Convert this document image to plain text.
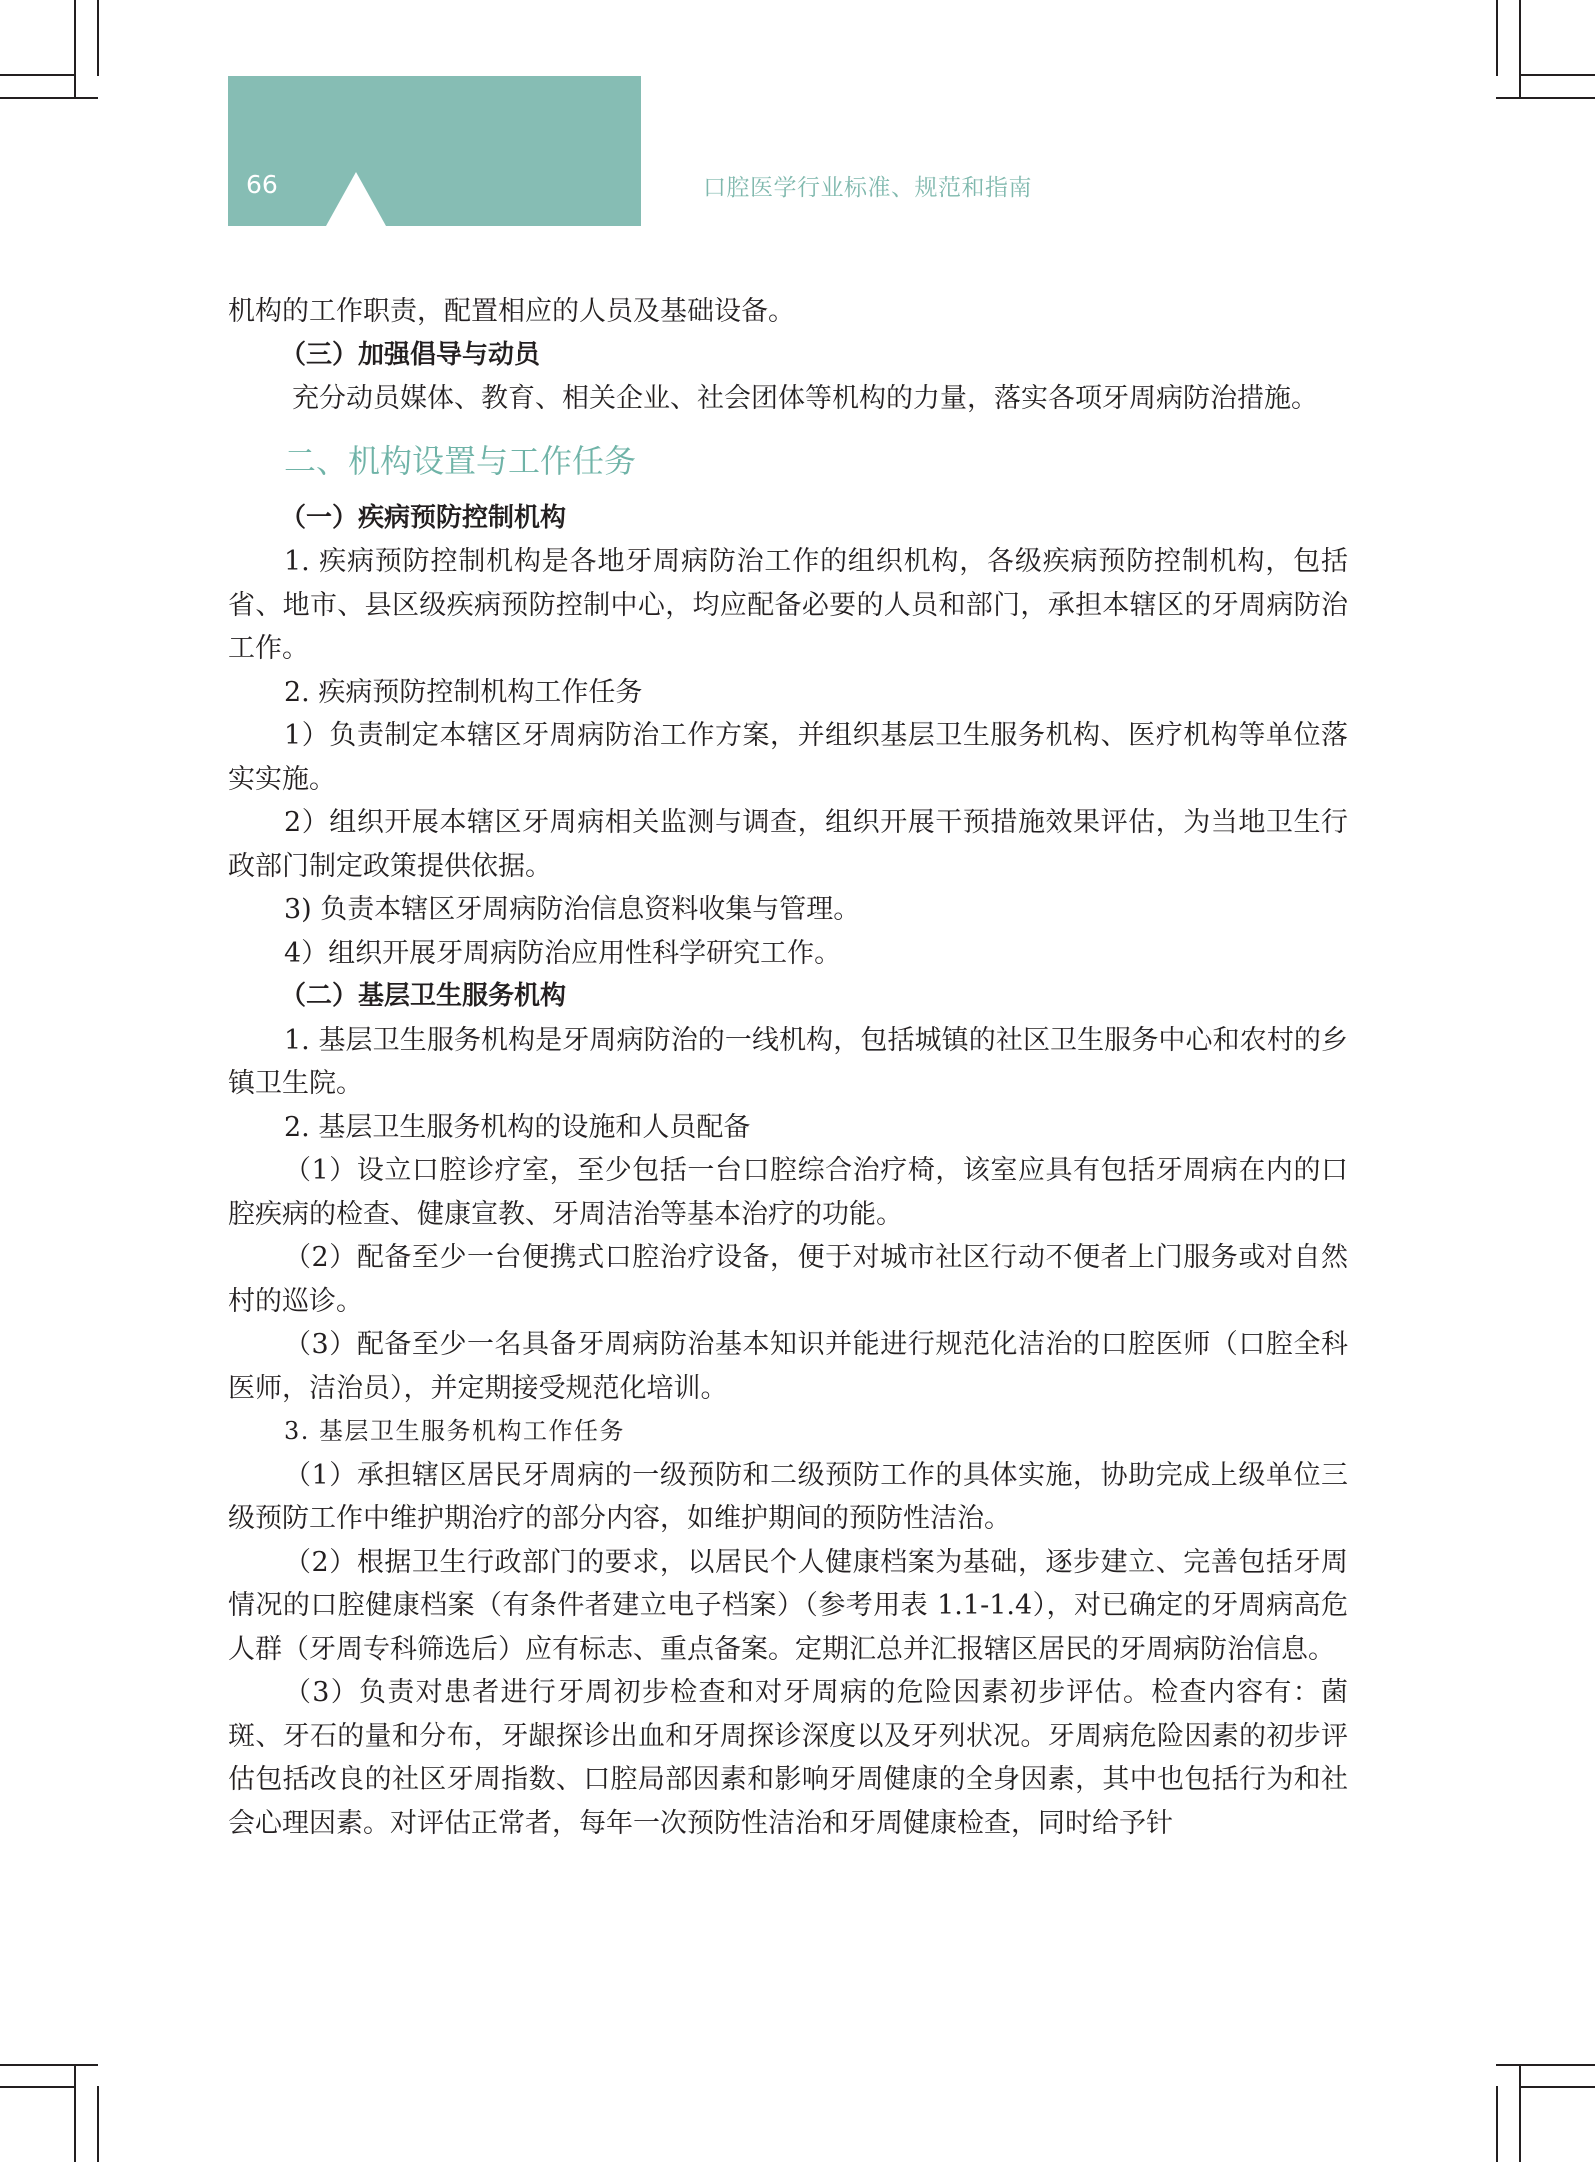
66	口腔医学行业标准、规范和指南

机构的工作职责，配置相应的人员及基础设备。

（三）加强倡导与动员

充分动员媒体、教育、相关企业、社会团体等机构的力量，落实各项牙周病防治措施。

二、机构设置与工作任务

（一）疾病预防控制机构

1. 疾病预防控制机构是各地牙周病防治工作的组织机构，各级疾病预防控制机构，包括省、地市、县区级疾病预防控制中心，均应配备必要的人员和部门，承担本辖区的牙周病防治工作。

2. 疾病预防控制机构工作任务

1）负责制定本辖区牙周病防治工作方案，并组织基层卫生服务机构、医疗机构等单位落实实施。

2）组织开展本辖区牙周病相关监测与调查，组织开展干预措施效果评估，为当地卫生行政部门制定政策提供依据。

3) 负责本辖区牙周病防治信息资料收集与管理。

4）组织开展牙周病防治应用性科学研究工作。

（二）基层卫生服务机构

1. 基层卫生服务机构是牙周病防治的一线机构，包括城镇的社区卫生服务中心和农村的乡镇卫生院。

2. 基层卫生服务机构的设施和人员配备

（1）设立口腔诊疗室，至少包括一台口腔综合治疗椅，该室应具有包括牙周病在内的口腔疾病的检查、健康宣教、牙周洁治等基本治疗的功能。

（2）配备至少一台便携式口腔治疗设备，便于对城市社区行动不便者上门服务或对自然村的巡诊。

（3）配备至少一名具备牙周病防治基本知识并能进行规范化洁治的口腔医师（口腔全科医师，洁治员），并定期接受规范化培训。

3. 基层卫生服务机构工作任务

（1）承担辖区居民牙周病的一级预防和二级预防工作的具体实施，协助完成上级单位三级预防工作中维护期治疗的部分内容，如维护期间的预防性洁治。

（2）根据卫生行政部门的要求，以居民个人健康档案为基础，逐步建立、完善包括牙周情况的口腔健康档案（有条件者建立电子档案）（参考用表 1.1-1.4），对已确定的牙周病高危人群（牙周专科筛选后）应有标志、重点备案。定期汇总并汇报辖区居民的牙周病防治信息。

（3）负责对患者进行牙周初步检查和对牙周病的危险因素初步评估。检查内容有：菌斑、牙石的量和分布，牙龈探诊出血和牙周探诊深度以及牙列状况。牙周病危险因素的初步评估包括改良的社区牙周指数、口腔局部因素和影响牙周健康的全身因素，其中也包括行为和社会心理因素。对评估正常者，每年一次预防性洁治和牙周健康检查，同时给予针
